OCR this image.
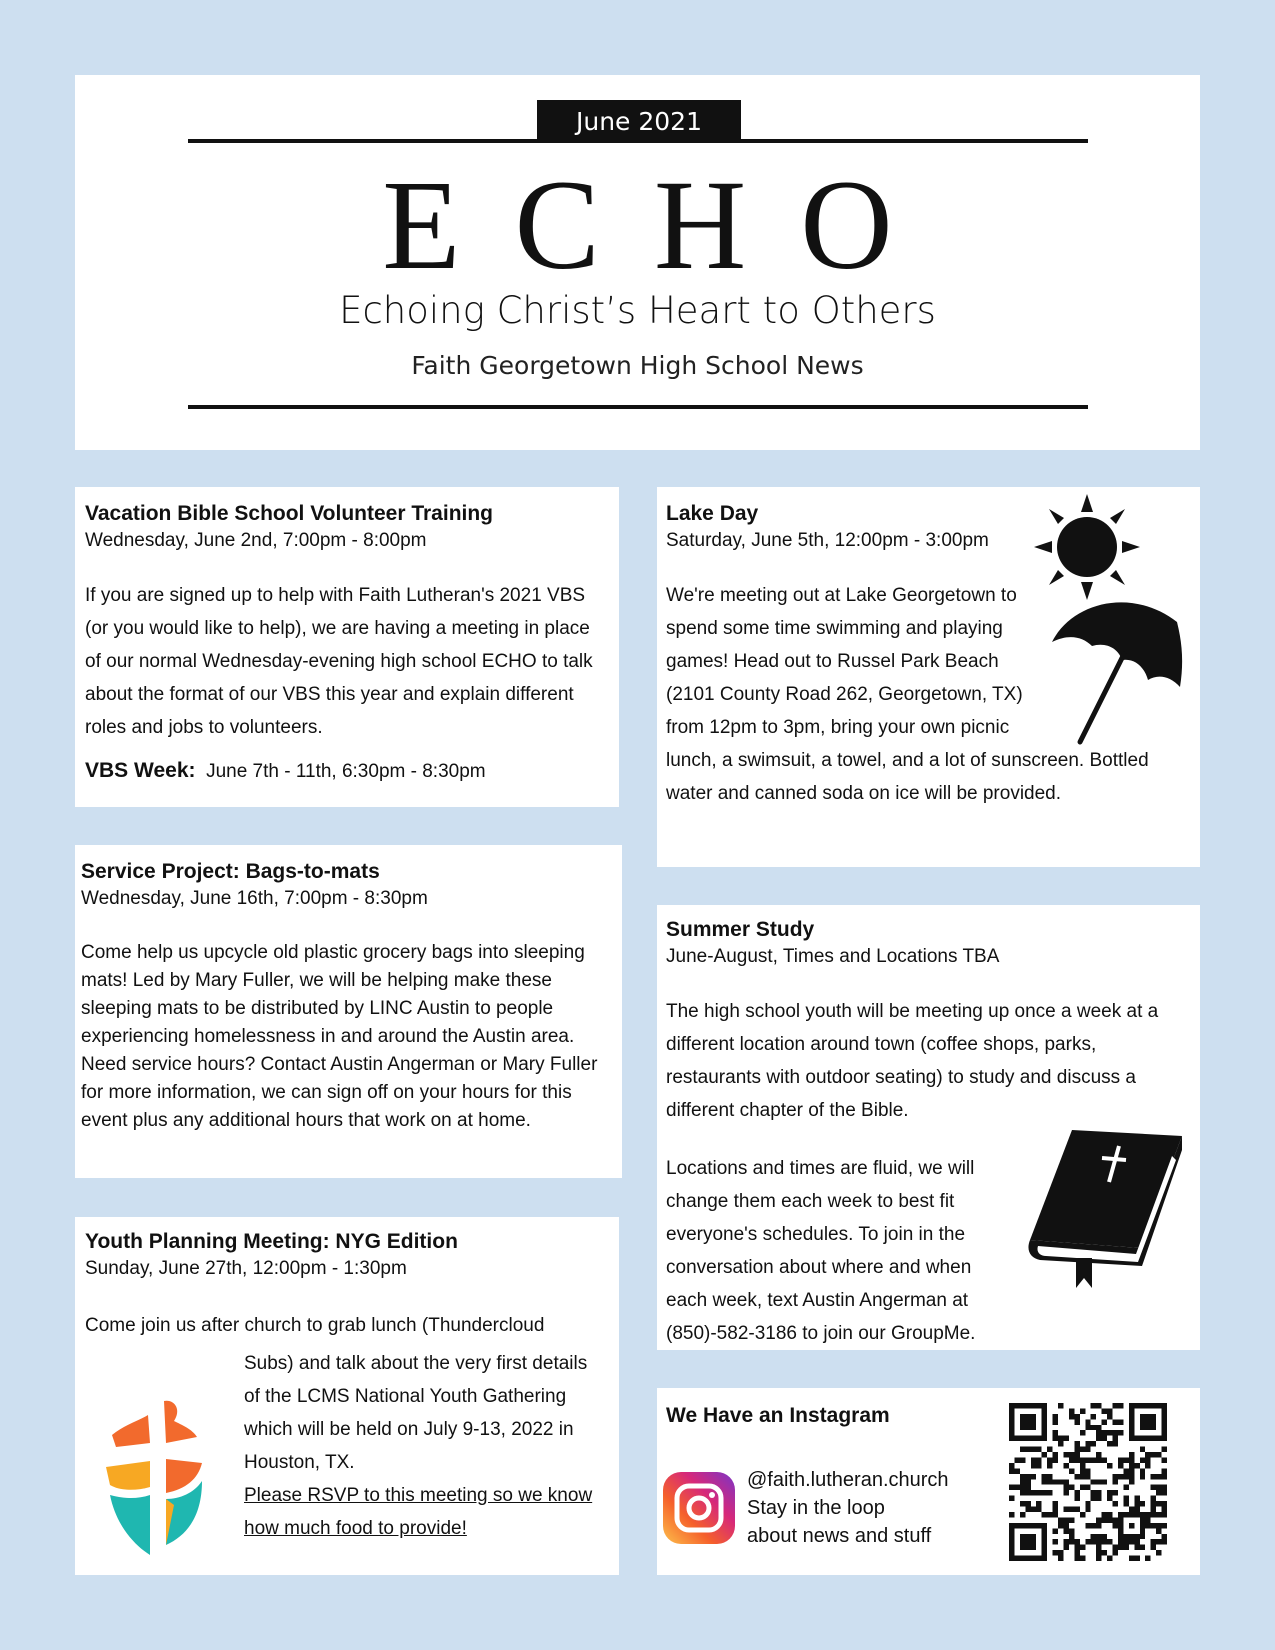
June 2021
E C H O
Echoing Christ’s Heart to Others
Faith Georgetown High School News
Vacation Bible School Volunteer Training
Wednesday, June 2nd, 7:00pm - 8:00pm
If you are signed up to help with Faith Lutheran's 2021 VBS (or you would like to help), we are having a meeting in place of our normal Wednesday-evening high school ECHO to talk about the format of our VBS this year and explain different roles and jobs to volunteers.
VBS Week: June 7th - 11th, 6:30pm - 8:30pm
Service Project: Bags-to-mats
Wednesday, June 16th, 7:00pm - 8:30pm
Come help us upcycle old plastic grocery bags into sleeping mats! Led by Mary Fuller, we will be helping make these sleeping mats to be distributed by LINC Austin to people experiencing homelessness in and around the Austin area. Need service hours? Contact Austin Angerman or Mary Fuller for more information, we can sign off on your hours for this event plus any additional hours that work on at home.
Youth Planning Meeting: NYG Edition
Sunday, June 27th, 12:00pm - 1:30pm
Come join us after church to grab lunch (Thundercloud
Subs) and talk about the very first details of the LCMS National Youth Gathering which will be held on July 9-13, 2022 in Houston, TX.
Please RSVP to this meeting so we know how much food to provide!
Lake Day
Saturday, June 5th, 12:00pm - 3:00pm
We're meeting out at Lake Georgetown to spend some time swimming and playing games! Head out to Russel Park Beach (2101 County Road 262, Georgetown, TX) from 12pm to 3pm, bring your own picnic
lunch, a swimsuit, a towel, and a lot of sunscreen. Bottled water and canned soda on ice will be provided.
Summer Study
June-August, Times and Locations TBA
The high school youth will be meeting up once a week at a different location around town (coffee shops, parks, restaurants with outdoor seating) to study and discuss a different chapter of the Bible.
Locations and times are fluid, we will change them each week to best fit everyone's schedules. To join in the conversation about where and when each week, text Austin Angerman at (850)-582-3186 to join our GroupMe.
We Have an Instagram
@faith.lutheran.church
Stay in the loop
about news and stuff
